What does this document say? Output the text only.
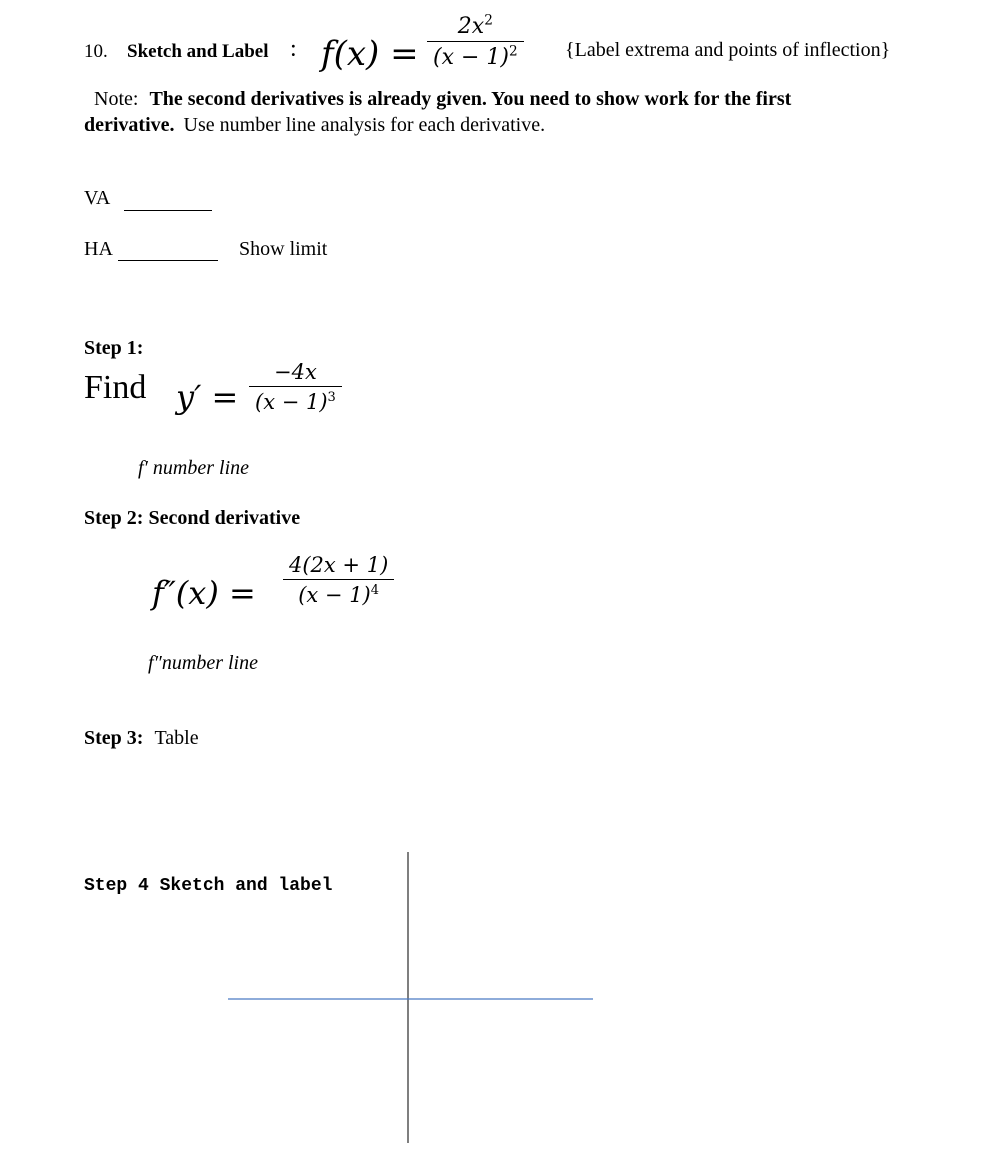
10. Sketch and Label : f(x) =
$2x^2$
$(x - 1)^2$	{Label extrema and points of inflection}
Note: The second derivatives is already given. You need to show work for the first
derivative. Use number line analysis for each derivative.
VA
HA	Show limit
Step 1:
Find y′ =
−4x
$(x - 1)^3$
f′ number line
Step 2: Second derivative
f″(x) =
4(2x + 1)
$(x - 1)^4$
f″number line
Step 3: Table
Step 4 Sketch and label
